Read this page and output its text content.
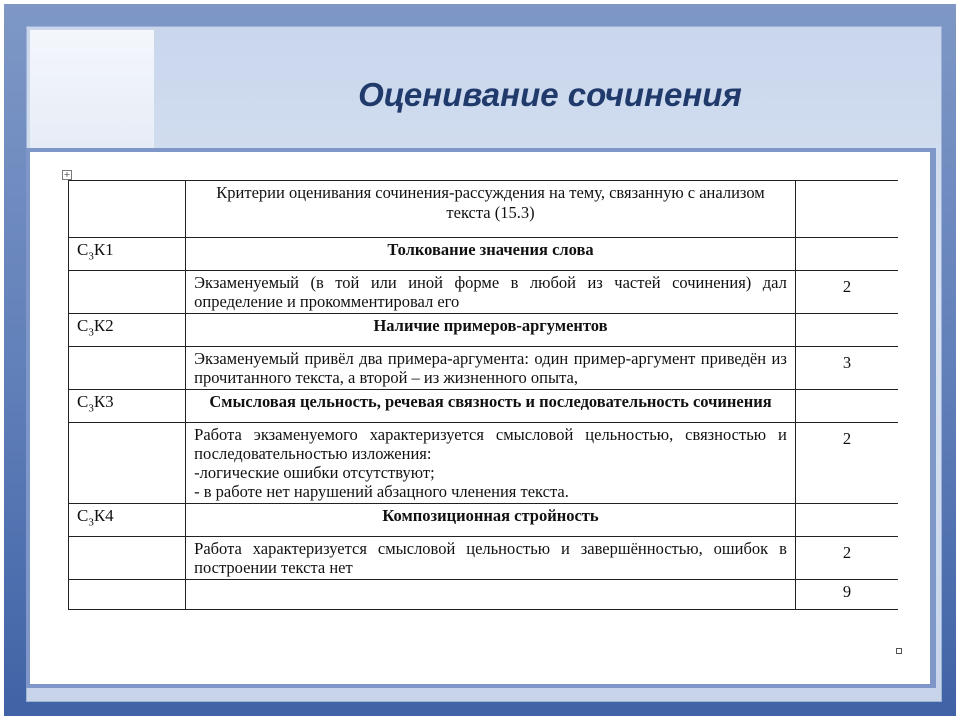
Оценивание сочинения
+
	Критерии оценивания сочинения-рассуждения на тему, связанную с анализом текста (15.3)	
$С_3К1$	Толкование значения слова	
	Экзаменуемый (в той или иной форме в любой из частей сочинения) дал определение и прокомментировал его	2
$С_3К2$	Наличие примеров-аргументов	
	Экзаменуемый привёл два примера-аргумента: один пример-аргумент приведён из прочитанного текста, а второй – из жизненного опыта,	3
$С_3К3$	Смысловая цельность, речевая связность и последовательность сочинения	

	Работа экзаменуемого характеризуется смысловой цельностью, связностью и последовательностью изложения:
-логические ошибки отсутствуют;
- в работе нет нарушений абзацного членения текста.	2
$С_3К4$	Композиционная стройность	
	Работа характеризуется смысловой цельностью и завершённостью, ошибок в построении текста нет	2
		9
